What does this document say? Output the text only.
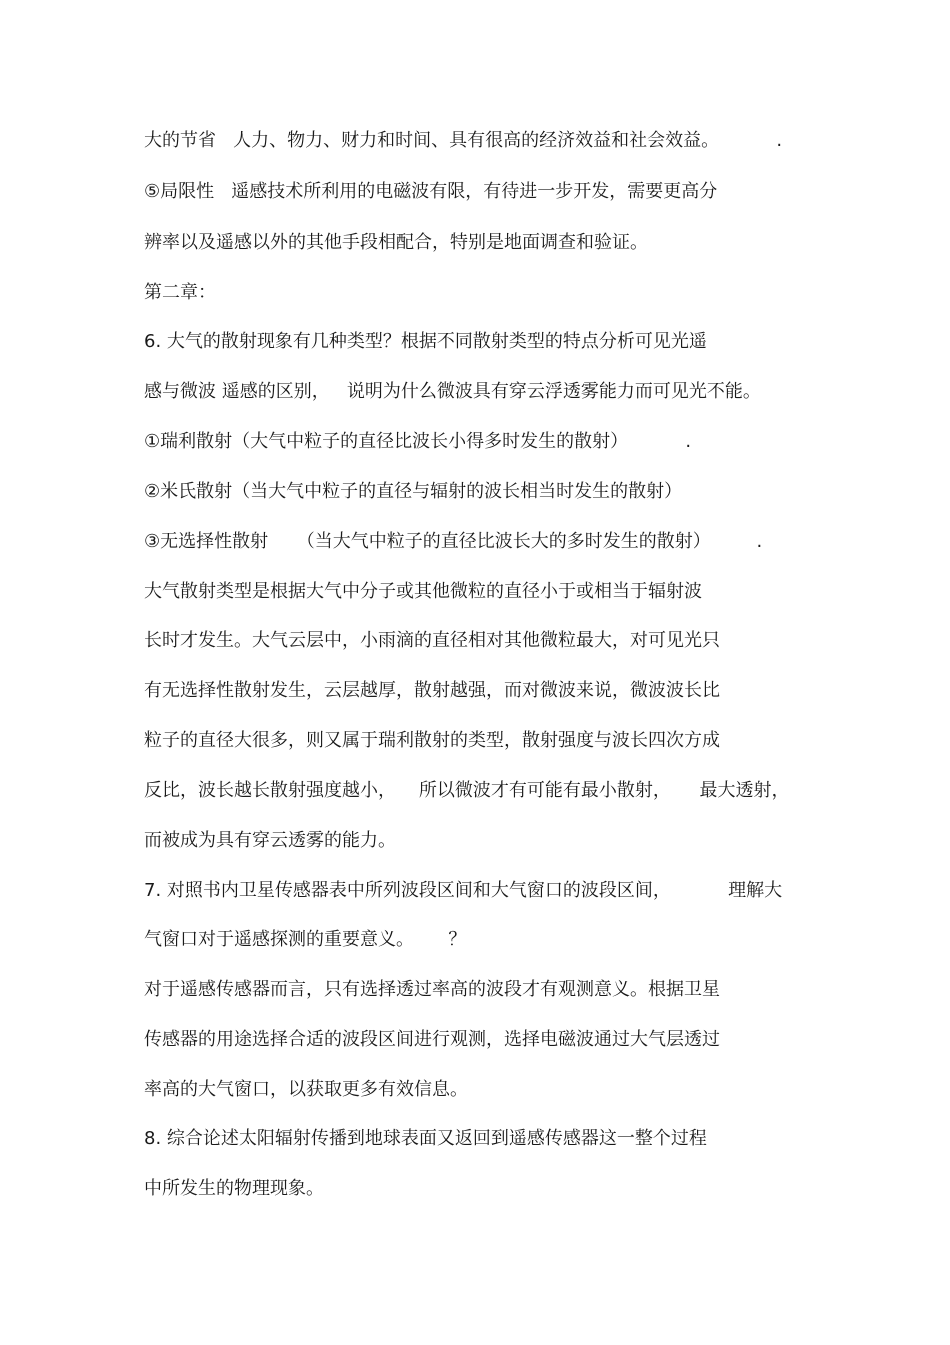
大的节省   人力、物力、财力和时间、具有很高的经济效益和社会效益。          .
⑤局限性   遥感技术所利用的电磁波有限，有待进一步开发，需要更高分
辨率以及遥感以外的其他手段相配合，特别是地面调查和验证。
第二章：
6. 大气的散射现象有几种类型？根据不同散射类型的特点分析可见光遥
感与微波 遥感的区别，   说明为什么微波具有穿云浮透雾能力而可见光不能。
①瑞利散射（大气中粒子的直径比波长小得多时发生的散射）          .
②米氏散射（当大气中粒子的直径与辐射的波长相当时发生的散射）
③无选择性散射     （当大气中粒子的直径比波长大的多时发生的散射）        .
大气散射类型是根据大气中分子或其他微粒的直径小于或相当于辐射波
长时才发生。大气云层中，小雨滴的直径相对其他微粒最大，对可见光只
有无选择性散射发生，云层越厚，散射越强，而对微波来说，微波波长比
粒子的直径大很多，则又属于瑞利散射的类型，散射强度与波长四次方成
反比，波长越长散射强度越小，    所以微波才有可能有最小散射，     最大透射，
而被成为具有穿云透雾的能力。
7. 对照书内卫星传感器表中所列波段区间和大气窗口的波段区间，          理解大
气窗口对于遥感探测的重要意义。      ？
对于遥感传感器而言，只有选择透过率高的波段才有观测意义。根据卫星
传感器的用途选择合适的波段区间进行观测，选择电磁波通过大气层透过
率高的大气窗口，以获取更多有效信息。
8. 综合论述太阳辐射传播到地球表面又返回到遥感传感器这一整个过程
中所发生的物理现象。
